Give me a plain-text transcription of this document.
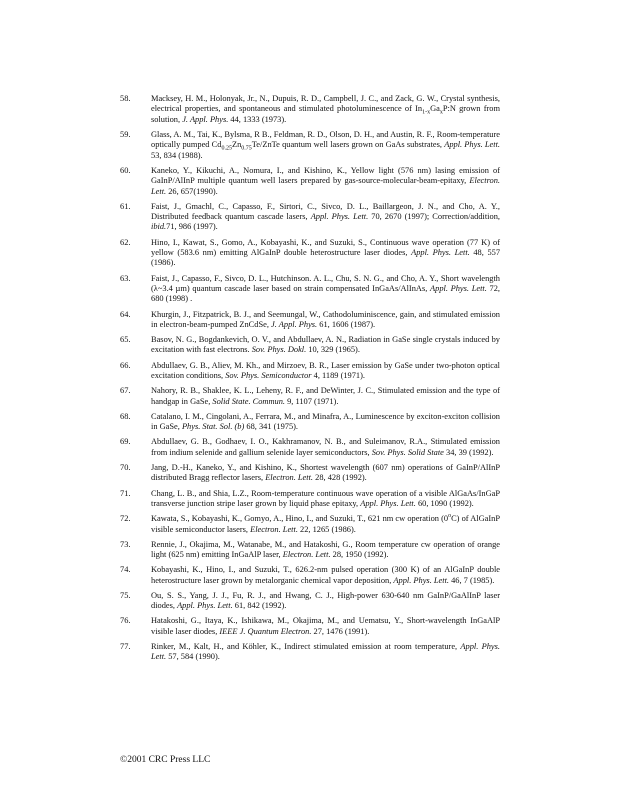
58. Macksey, H. M., Holonyak, Jr., N., Dupuis, R. D., Campbell, J. C., and Zack, G. W., Crystal synthesis, electrical properties, and spontaneous and stimulated photoluminescence of $In_{1-x}Ga_xP:N$ grown from solution, J. Appl. Phys. 44, 1333 (1973).
59. Glass, A. M., Tai, K., Bylsma, R B., Feldman, R. D., Olson, D. H., and Austin, R. F., Room-temperature optically pumped $Cd_{0.25}Zn_{0.75}Te$/ZnTe quantum well lasers grown on GaAs substrates, Appl. Phys. Lett. 53, 834 (1988).
60. Kaneko, Y., Kikuchi, A., Nomura, I., and Kishino, K., Yellow light (576 nm) lasing emission of GaInP/AlInP multiple quantum well lasers prepared by gas-source-molecular-beam-epitaxy, Electron. Lett. 26, 657(1990).
61. Faist, J., Gmachl, C., Capasso, F., Sirtori, C., Sivco, D. L., Baillargeon, J. N., and Cho, A. Y., Distributed feedback quantum cascade lasers, Appl. Phys. Lett. 70, 2670 (1997); Correction/addition, ibid.71, 986 (1997).
62. Hino, I., Kawat, S., Gomo, A., Kobayashi, K., and Suzuki, S., Continuous wave operation (77 K) of yellow (583.6 nm) emitting AlGaInP double heterostructure laser diodes, Appl. Phys. Lett. 48, 557 (1986).
63. Faist, J., Capasso, F., Sivco, D. L., Hutchinson. A. L., Chu, S. N. G., and Cho, A. Y., Short wavelength (λ~3.4 µm) quantum cascade laser based on strain compensated InGaAs/AlInAs, Appl. Phys. Lett. 72, 680 (1998) .
64. Khurgin, J., Fitzpatrick, B. J., and Seemungal, W., Cathodoluminiscence, gain, and stimulated emission in electron-beam-pumped ZnCdSe, J. Appl. Phys. 61, 1606 (1987).
65. Basov, N. G., Bogdankevich, O. V., and Abdullaev, A. N., Radiation in GaSe single crystals induced by excitation with fast electrons. Sov. Phys. Dokl. 10, 329 (1965).
66. Abdullaev, G. B., Aliev, M. Kh., and Mirzoev, B. R., Laser emission by GaSe under two-photon optical excitation conditions, Sov. Phys. Semiconductor 4, 1189 (1971).
67. Nahory, R. B., Shaklee, K. L., Leheny, R. F., and DeWinter, J. C., Stimulated emission and the type of handgap in GaSe, Solid State. Commun. 9, 1107 (1971).
68. Catalano, I. M., Cingolani, A., Ferrara, M., and Minafra, A., Luminescence by exciton-exciton collision in GaSe, Phys. Stat. Sol. (b) 68, 341 (1975).
69. Abdullaev, G. B., Godhaev, I. O., Kakhramanov, N. B., and Suleimanov, R.A., Stimulated emission from indium selenide and gallium selenide layer semiconductors, Sov. Phys. Solid State 34, 39 (1992).
70. Jang, D.-H., Kaneko, Y., and Kishino, K., Shortest wavelength (607 nm) operations of GaInP/AlInP distributed Bragg reflector lasers, Electron. Lett. 28, 428 (1992).
71. Chang, L. B., and Shia, L.Z., Room-temperature continuous wave operation of a visible AlGaAs/InGaP transverse junction stripe laser grown by liquid phase epitaxy, Appl. Phys. Lett. 60, 1090 (1992).
72. Kawata, S., Kobayashi, K., Gomyo, A., Hino, I., and Suzuki, T., 621 nm cw operation (0$^o$C) of AlGaInP visible semiconductor lasers, Electron. Lett. 22, 1265 (1986).
73. Rennie, J., Okajima, M., Watanabe, M., and Hatakoshi, G., Room temperature cw operation of orange light (625 nm) emitting InGaAlP laser, Electron. Lett. 28, 1950 (1992).
74. Kobayashi, K., Hino, I., and Suzuki, T., 626.2-nm pulsed operation (300 K) of an AlGaInP double heterostructure laser grown by metalorganic chemical vapor deposition, Appl. Phys. Lett. 46, 7 (1985).
75. Ou, S. S., Yang, J. J., Fu, R. J., and Hwang, C. J., High-power 630-640 nm GaInP/GaAlInP laser diodes, Appl. Phys. Lett. 61, 842 (1992).
76. Hatakoshi, G., Itaya, K., Ishikawa, M., Okajima, M., and Uematsu, Y., Short-wavelength InGaAlP visible laser diodes, IEEE J. Quantum Electron. 27, 1476 (1991).
77. Rinker, M., Kalt, H., and Köhler, K., Indirect stimulated emission at room temperature, Appl. Phys. Lett. 57, 584 (1990).
©2001 CRC Press LLC
